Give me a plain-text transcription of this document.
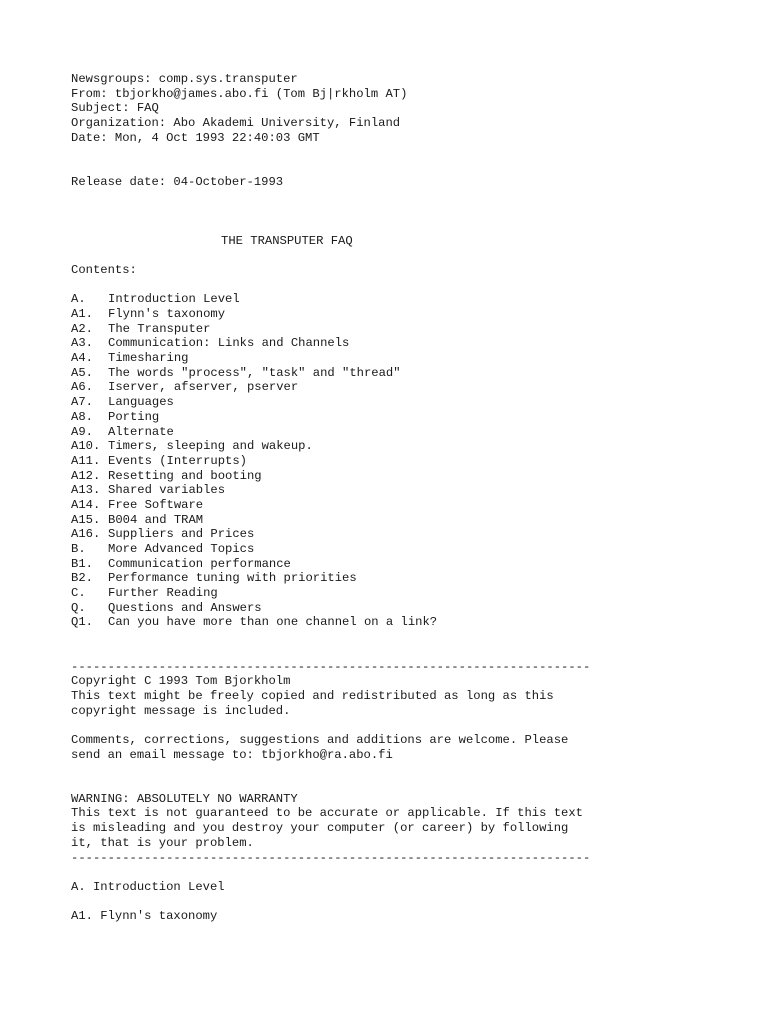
Newsgroups: comp.sys.transputer
From: tbjorkho@james.abo.fi (Tom Bj|rkholm AT)
Subject: FAQ
Organization: Abo Akademi University, Finland
Date: Mon, 4 Oct 1993 22:40:03 GMT
Release date: 04-October-1993
THE TRANSPUTER FAQ
Contents:
A.	Introduction Level
A1.	Flynn's taxonomy
A2.	The Transputer
A3.	Communication: Links and Channels
A4.	Timesharing
A5.	The words "process", "task" and "thread"
A6.	Iserver, afserver, pserver
A7.	Languages
A8.	Porting
A9.	Alternate
A10. Timers, sleeping and wakeup.
A11. Events (Interrupts)
A12. Resetting and booting
A13. Shared variables
A14. Free Software
A15. B004 and TRAM
A16. Suppliers and Prices
B.	More Advanced Topics
B1.	Communication performance
B2.	Performance tuning with priorities
C.	Further Reading
Q.	Questions and Answers
Q1.	Can you have more than one channel on a link?
-----------------------------------------------------------------------
Copyright C 1993 Tom Bjorkholm
This text might be freely copied and redistributed as long as this
copyright message is included.
Comments, corrections, suggestions and additions are welcome. Please
send an email message to: tbjorkho@ra.abo.fi
WARNING: ABSOLUTELY NO WARRANTY
This text is not guaranteed to be accurate or applicable. If this text
is misleading and you destroy your computer (or career) by following
it, that is your problem.
-----------------------------------------------------------------------
A. Introduction Level
A1. Flynn's taxonomy
